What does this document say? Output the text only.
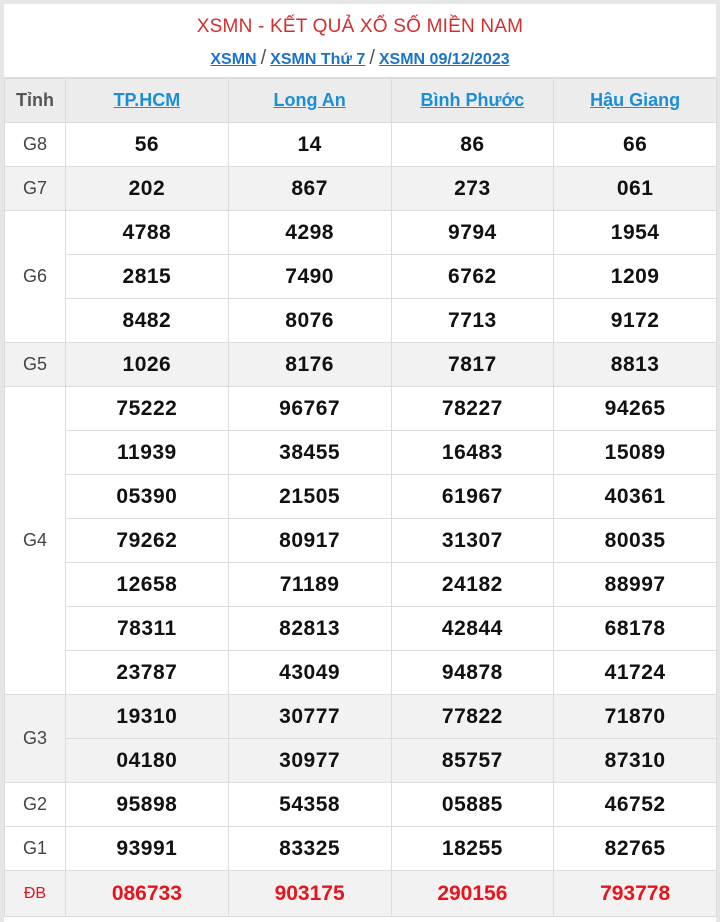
XSMN - KẾT QUẢ XỔ SỐ MIỀN NAM
XSMN / XSMN Thứ 7 / XSMN 09/12/2023
Tỉnh	TP.HCM	Long An	Bình Phước	Hậu Giang
G8	56	14	86	66
G7	202	867	273	061
G6	4788	4298	9794	1954
	2815	7490	6762	1209
	8482	8076	7713	9172
G5	1026	8176	7817	8813
G4	75222	96767	78227	94265
	11939	38455	16483	15089
	05390	21505	61967	40361
	79262	80917	31307	80035
	12658	71189	24182	88997
	78311	82813	42844	68178
	23787	43049	94878	41724
G3	19310	30777	77822	71870
	04180	30977	85757	87310
G2	95898	54358	05885	46752
G1	93991	83325	18255	82765
ĐB	086733	903175	290156	793778
